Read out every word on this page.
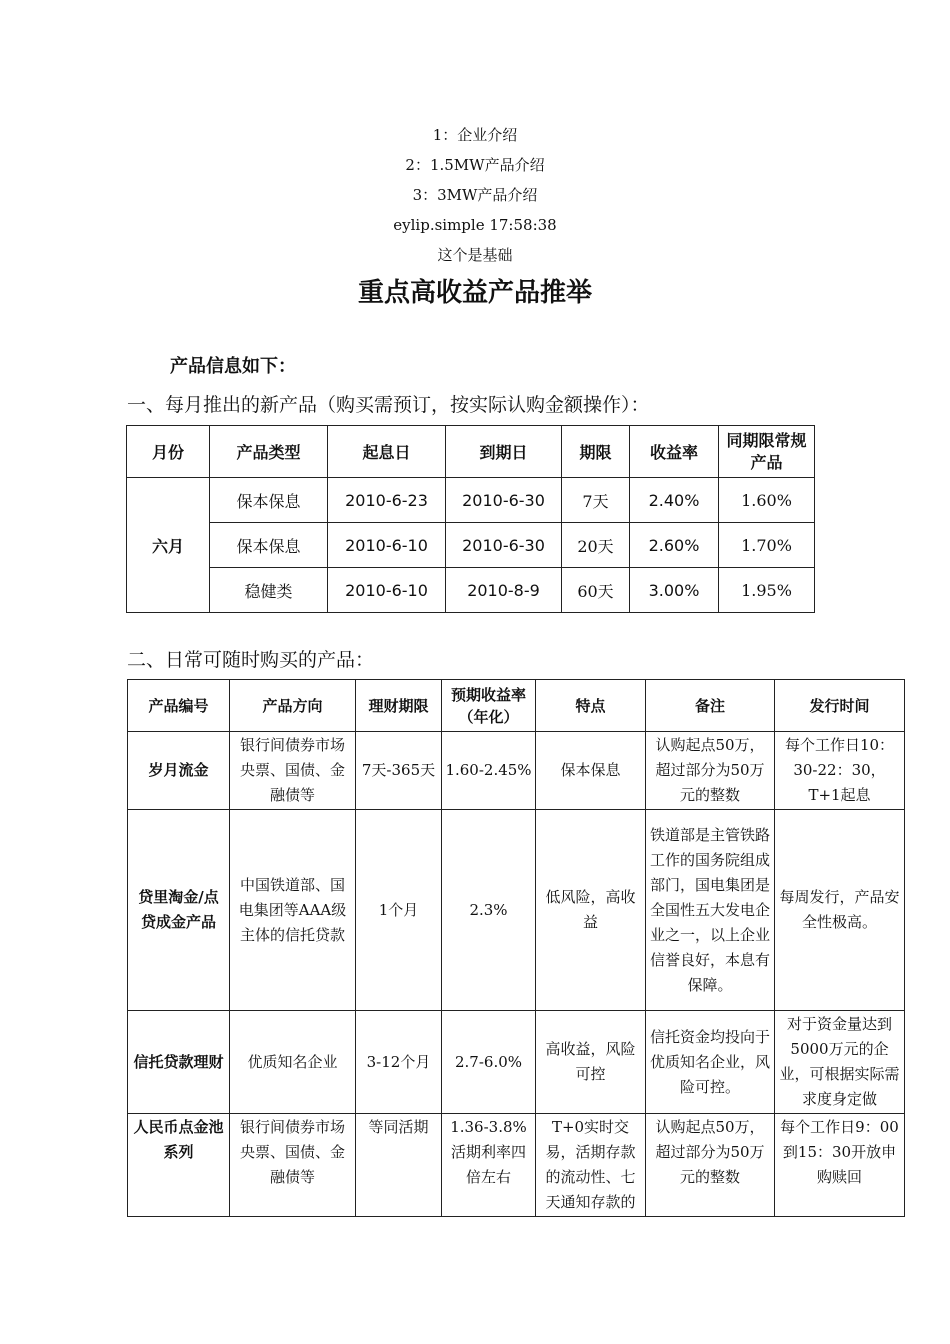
1：企业介绍
2：1.5MW产品介绍
3：3MW产品介绍
eylip.simple 17:58:38
这个是基础
重点高收益产品推举
产品信息如下：
一、每月推出的新产品（购买需预订，按实际认购金额操作）：
月份	产品类型	起息日	到期日	期限	收益率	同期限常规产品
六月	保本保息	2010-6-23	2010-6-30	7天	2.40%	1.60%
	保本保息	2010-6-10	2010-6-30	20天	2.60%	1.70%
	稳健类	2010-6-10	2010-8-9	60天	3.00%	1.95%
二、日常可随时购买的产品：
产品编号	产品方向	理财期限	预期收益率（年化）	特点	备注	发行时间
岁月流金	银行间债券市场央票、国债、金融债等	7天-365天	1.60-2.45%	保本保息	认购起点50万，超过部分为50万元的整数	每个工作日10：30-22：30，T+1起息
贷里淘金/点贷成金产品	中国铁道部、国电集团等AAA级主体的信托贷款	1个月	2.3%	低风险，高收益	铁道部是主管铁路工作的国务院组成部门，国电集团是全国性五大发电企业之一，以上企业信誉良好，本息有保障。	每周发行，产品安全性极高。
信托贷款理财	优质知名企业	3-12个月	2.7-6.0%	高收益，风险可控	信托资金均投向于优质知名企业，风险可控。	对于资金量达到5000万元的企业，可根据实际需求度身定做
人民币点金池系列	银行间债券市场央票、国债、金融债等	等同活期	1.36-3.8%活期利率四倍左右	T+0实时交易，活期存款的流动性、七天通知存款的	认购起点50万，超过部分为50万元的整数	每个工作日9：00到15：30开放申购赎回
